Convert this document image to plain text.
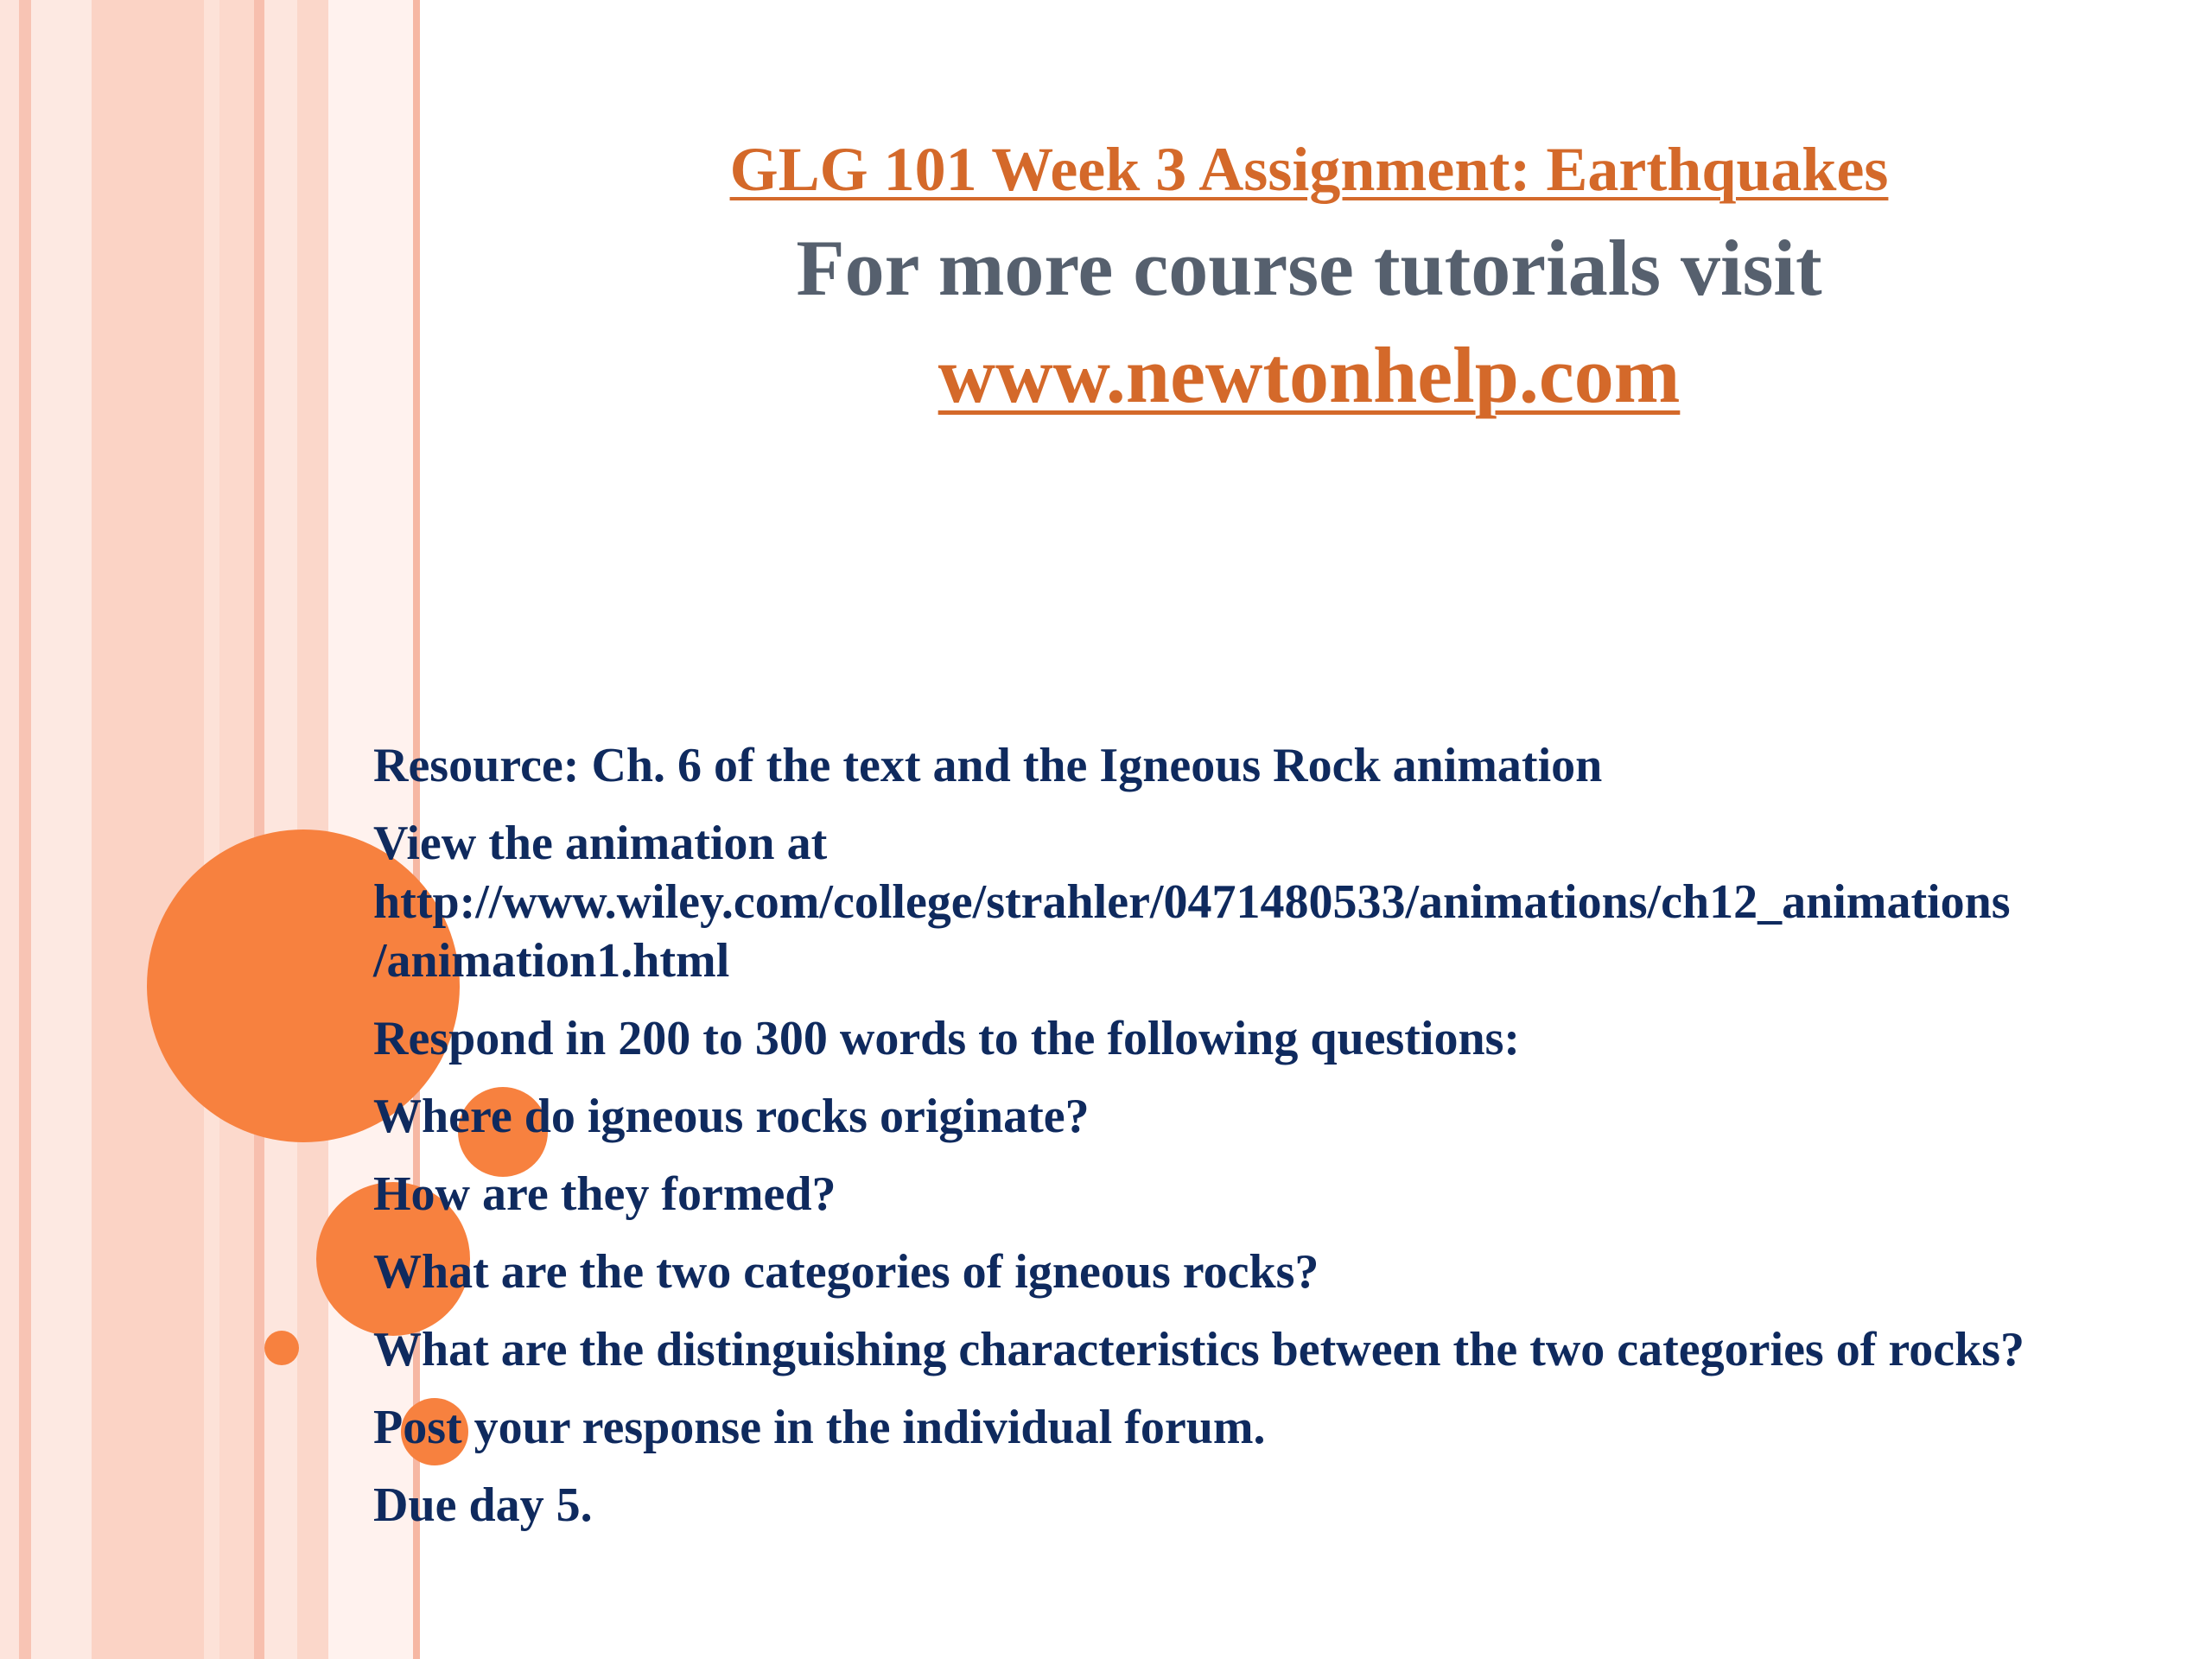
GLG 101 Week 3 Assignment: Earthquakes
For more course tutorials visit
www.newtonhelp.com

Resource: Ch. 6 of the text and the Igneous Rock animation

View the animation at
http://www.wiley.com/college/strahler/0471480533/animations/ch12_animations
/animation1.html

Respond in 200 to 300 words to the following questions:

Where do igneous rocks originate?

How are they formed?

What are the two categories of igneous rocks?

What are the distinguishing characteristics between the two categories of rocks?

Post your response in the individual forum.

Due day 5.
